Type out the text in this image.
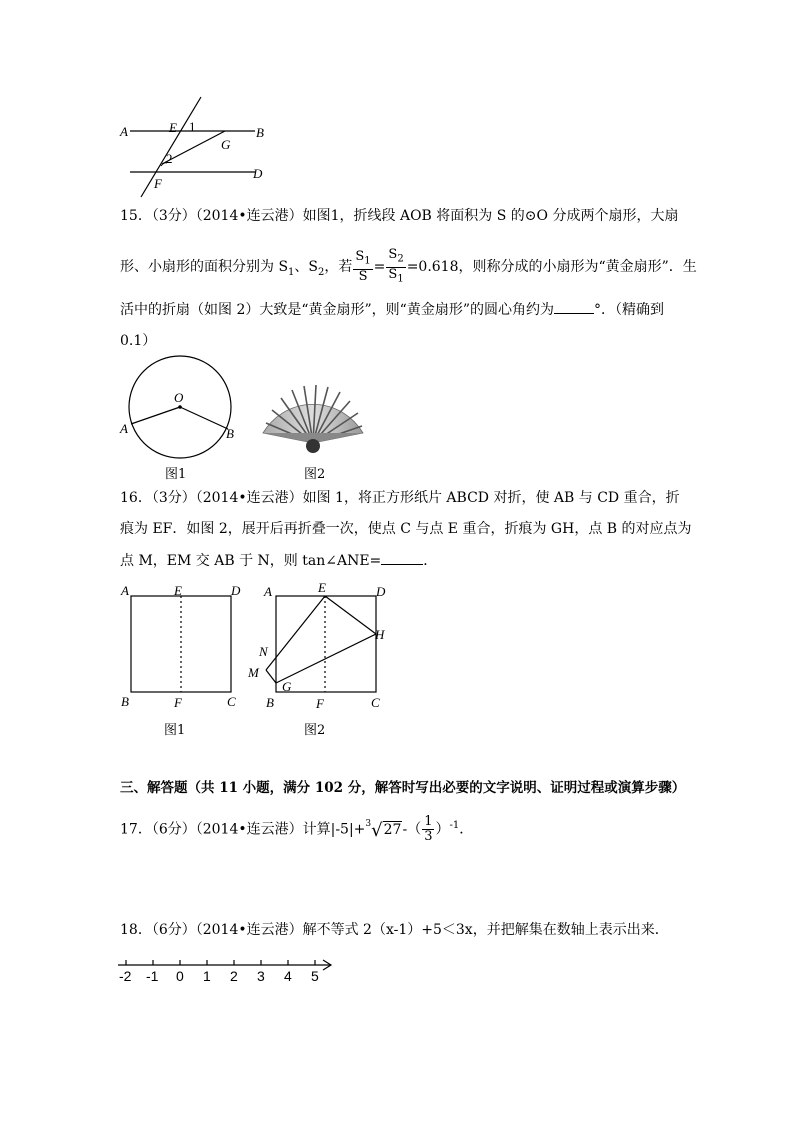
A	E 1	B
G
2
D
F
15．（3分）（2014•连云港）如图1，折线段 AOB 将面积为 S 的⊙O 分成两个扇形，大扇
形、小扇形的面积分别为 $S_1$、$S_2$，若 $\frac{S_1}{S} = \frac{S_2}{S_1} =0.618$，则称分成的小扇形为“黄金扇形”．生
活中的折扇（如图 2）大致是“黄金扇形”，则“黄金扇形”的圆心角约为	°．（精确到
0.1）
O
A	B
图1	图2
16．（3分）（2014•连云港）如图 1，将正方形纸片 ABCD 对折，使 AB 与 CD 重合，折
痕为 EF．如图 2，展开后再折叠一次，使点 C 与点 E 重合，折痕为 GH，点 B 的对应点为
点 M，EM 交 AB 于 N，则 tan∠ANE=	．
A	E	D
B	F	C
图1
A	E	D
H
N
M
G
B	F	C
图2
三、解答题（共 11 小题，满分 102 分，解答时写出必要的文字说明、证明过程或演算步骤）
17．（6分）（2014•连云港）计算$|-5|+^3√27-( \frac{1}{3} )^{-1}$．
18．（6分）（2014•连云港）解不等式 2（x-1）+5＜3x，并把解集在数轴上表示出来．
-2 -1 0 1 2 3 4 5
